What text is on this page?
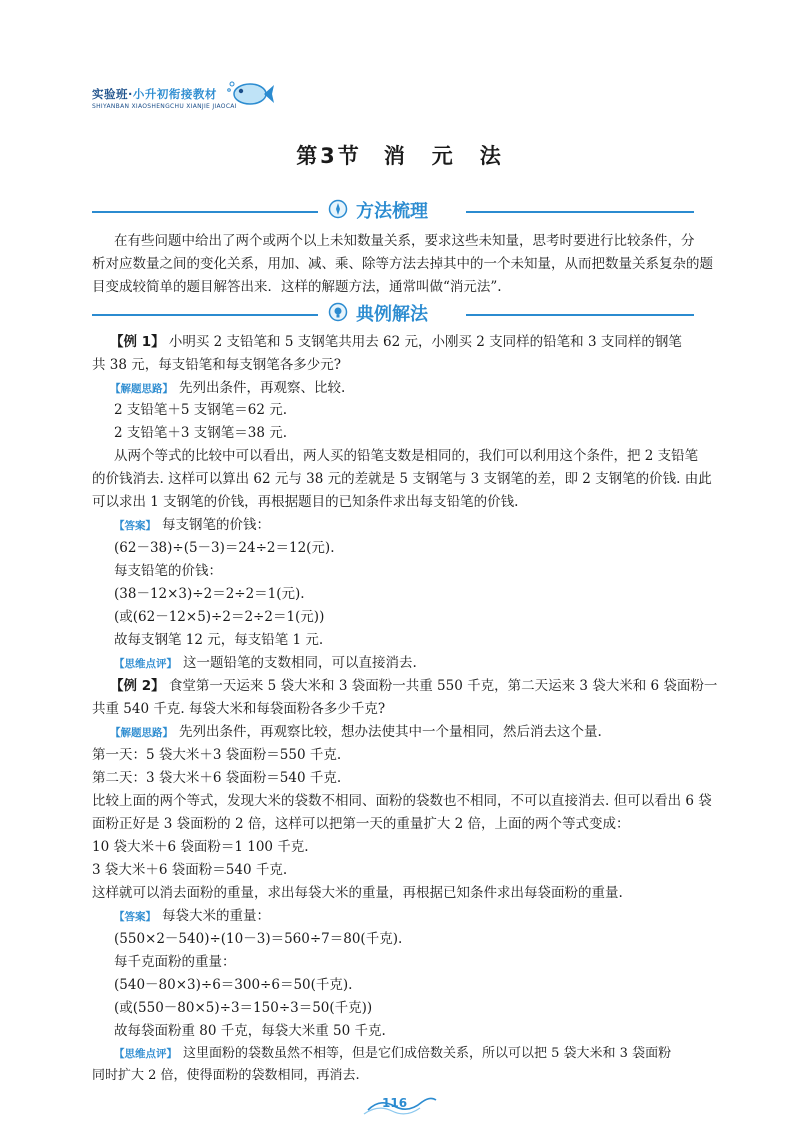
实验班·小升初衔接教材
SHIYANBAN XIAOSHENGCHU XIANJIE JIAOCAI
第3节 消　元　法
方法梳理
在有些问题中给出了两个或两个以上未知数量关系，要求这些未知量，思考时要进行比较条件，分
析对应数量之间的变化关系，用加、减、乘、除等方法去掉其中的一个未知量，从而把数量关系复杂的题
目变成较简单的题目解答出来．这样的解题方法，通常叫做“消元法”.
典例解法
【例 1】 小明买 2 支铅笔和 5 支钢笔共用去 62 元，小刚买 2 支同样的铅笔和 3 支同样的钢笔
共 38 元，每支铅笔和每支钢笔各多少元?
【解题思路】 先列出条件，再观察、比较.
2 支铅笔＋5 支钢笔＝62 元.
2 支铅笔＋3 支钢笔＝38 元.
从两个等式的比较中可以看出，两人买的铅笔支数是相同的，我们可以利用这个条件，把 2 支铅笔
的价钱消去. 这样可以算出 62 元与 38 元的差就是 5 支钢笔与 3 支钢笔的差，即 2 支钢笔的价钱. 由此
可以求出 1 支钢笔的价钱，再根据题目的已知条件求出每支铅笔的价钱.
【答案】 每支钢笔的价钱：
(62－38)÷(5－3)＝24÷2＝12(元).
每支铅笔的价钱：
(38－12×3)÷2＝2÷2＝1(元).
(或(62－12×5)÷2＝2÷2＝1(元))
故每支钢笔 12 元，每支铅笔 1 元.
【思维点评】 这一题铅笔的支数相同，可以直接消去.
【例 2】 食堂第一天运来 5 袋大米和 3 袋面粉一共重 550 千克，第二天运来 3 袋大米和 6 袋面粉一
共重 540 千克. 每袋大米和每袋面粉各多少千克?
【解题思路】 先列出条件，再观察比较，想办法使其中一个量相同，然后消去这个量.
第一天：5 袋大米＋3 袋面粉＝550 千克.
第二天：3 袋大米＋6 袋面粉＝540 千克.
比较上面的两个等式，发现大米的袋数不相同、面粉的袋数也不相同，不可以直接消去. 但可以看出 6 袋
面粉正好是 3 袋面粉的 2 倍，这样可以把第一天的重量扩大 2 倍，上面的两个等式变成：
10 袋大米＋6 袋面粉＝1 100 千克.
3 袋大米＋6 袋面粉＝540 千克.
这样就可以消去面粉的重量，求出每袋大米的重量，再根据已知条件求出每袋面粉的重量.
【答案】 每袋大米的重量：
(550×2－540)÷(10－3)＝560÷7＝80(千克).
每千克面粉的重量：
(540－80×3)÷6＝300÷6＝50(千克).
(或(550－80×5)÷3＝150÷3＝50(千克))
故每袋面粉重 80 千克，每袋大米重 50 千克.
【思维点评】 这里面粉的袋数虽然不相等，但是它们成倍数关系，所以可以把 5 袋大米和 3 袋面粉
同时扩大 2 倍，使得面粉的袋数相同，再消去.
116
